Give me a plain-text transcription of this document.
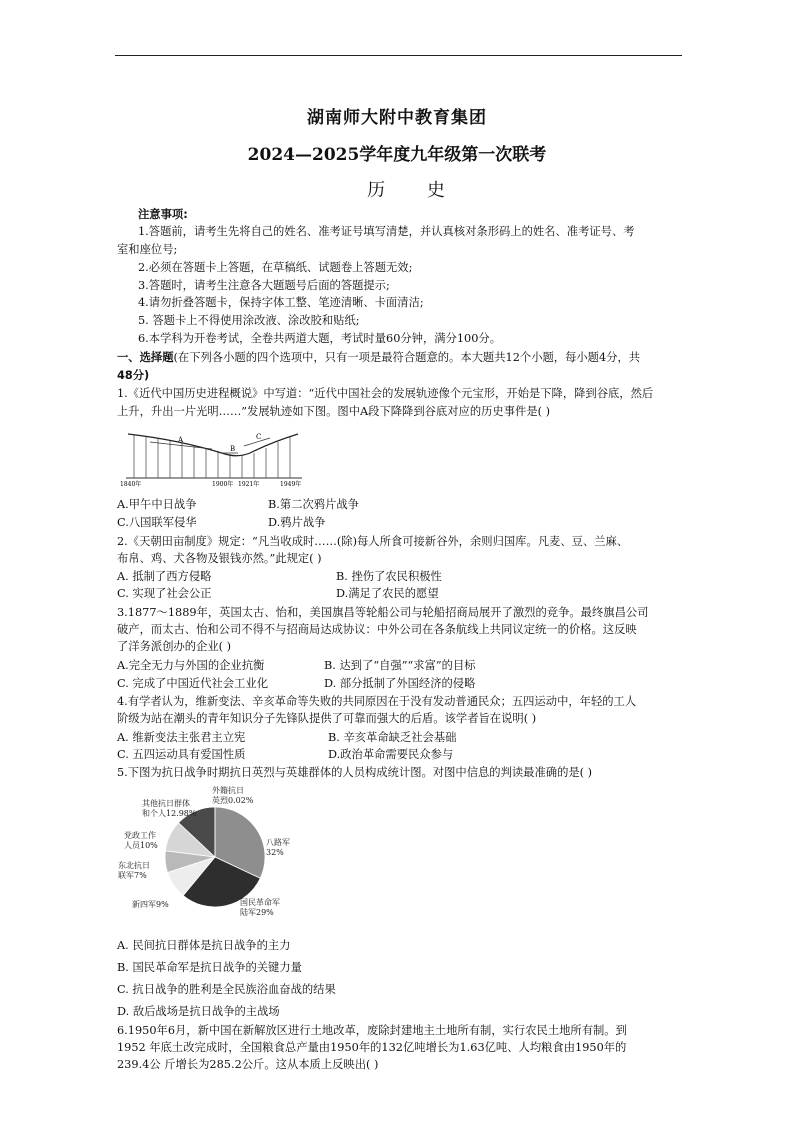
湖南师大附中教育集团
2024—2025学年度九年级第一次联考
历 史
注意事项:
1.答题前，请考生先将自己的姓名、准考证号填写清楚，并认真核对条形码上的姓名、准考证号、考
室和座位号;
2.必须在答题卡上答题，在草稿纸、试题卷上答题无效;
3.答题时，请考生注意各大题题号后面的答题提示;
4.请勿折叠答题卡，保持字体工整、笔迹清晰、卡面清洁;
5. 答题卡上不得使用涂改液、涂改胶和贴纸;
6.本学科为开卷考试，全卷共两道大题，考试时量60分钟，满分100分。
一、选择题(在下列各小题的四个选项中，只有一项是最符合题意的。本大题共12个小题，每小题4分，共
48分)
1.《近代中国历史进程概说》中写道：“近代中国社会的发展轨迹像个元宝形，开始是下降，降到谷底，然后
上升，升出一片光明……”发展轨迹如下图。图中A段下降降到谷底对应的历史事件是( )
A
B
C
1840年	1900年 1921年	1949年
A.甲午中日战争	B.第二次鸦片战争
C.八国联军侵华	D.鸦片战争
2.《天朝田亩制度》规定：“凡当收成时……(除)每人所食可接新谷外，余则归国库。凡麦、豆、兰麻、
布帛、鸡、犬各物及银钱亦然。”此规定( )
A. 抵制了西方侵略	B. 挫伤了农民积极性
C. 实现了社会公正	D.满足了农民的愿望
3.1877～1889年，英国太古、怡和，美国旗昌等轮船公司与轮船招商局展开了激烈的竞争。最终旗昌公司
破产，而太古、怡和公司不得不与招商局达成协议：中外公司在各条航线上共同议定统一的价格。这反映
了洋务派创办的企业( )
A.完全无力与外国的企业抗衡	B. 达到了“自强”“求富”的目标
C. 完成了中国近代社会工业化	D. 部分抵制了外国经济的侵略
4.有学者认为，维新变法、辛亥革命等失败的共同原因在于没有发动普通民众；五四运动中，年轻的工人
阶级为站在潮头的青年知识分子先锋队提供了可靠而强大的后盾。该学者旨在说明( )
A. 维新变法主张君主立宪	B. 辛亥革命缺乏社会基础
C. 五四运动具有爱国性质	D.政治革命需要民众参与
5.下图为抗日战争时期抗日英烈与英雄群体的人员构成统计图。对图中信息的判读最准确的是( )
外籍抗日
英烈0.02%
其他抗日群体
和个人12.98%
党政工作
人员10%
东北抗日
联军7%
新四军9%	国民革命军
陆军29%
八路军
32%
A. 民间抗日群体是抗日战争的主力
B. 国民革命军是抗日战争的关键力量
C. 抗日战争的胜利是全民族浴血奋战的结果
D. 敌后战场是抗日战争的主战场
6.1950年6月，新中国在新解放区进行土地改革，废除封建地主土地所有制，实行农民土地所有制。到
1952 年底土改完成时，全国粮食总产量由1950年的132亿吨增长为1.63亿吨、人均粮食由1950年的
239.4公 斤增长为285.2公斤。这从本质上反映出( )
